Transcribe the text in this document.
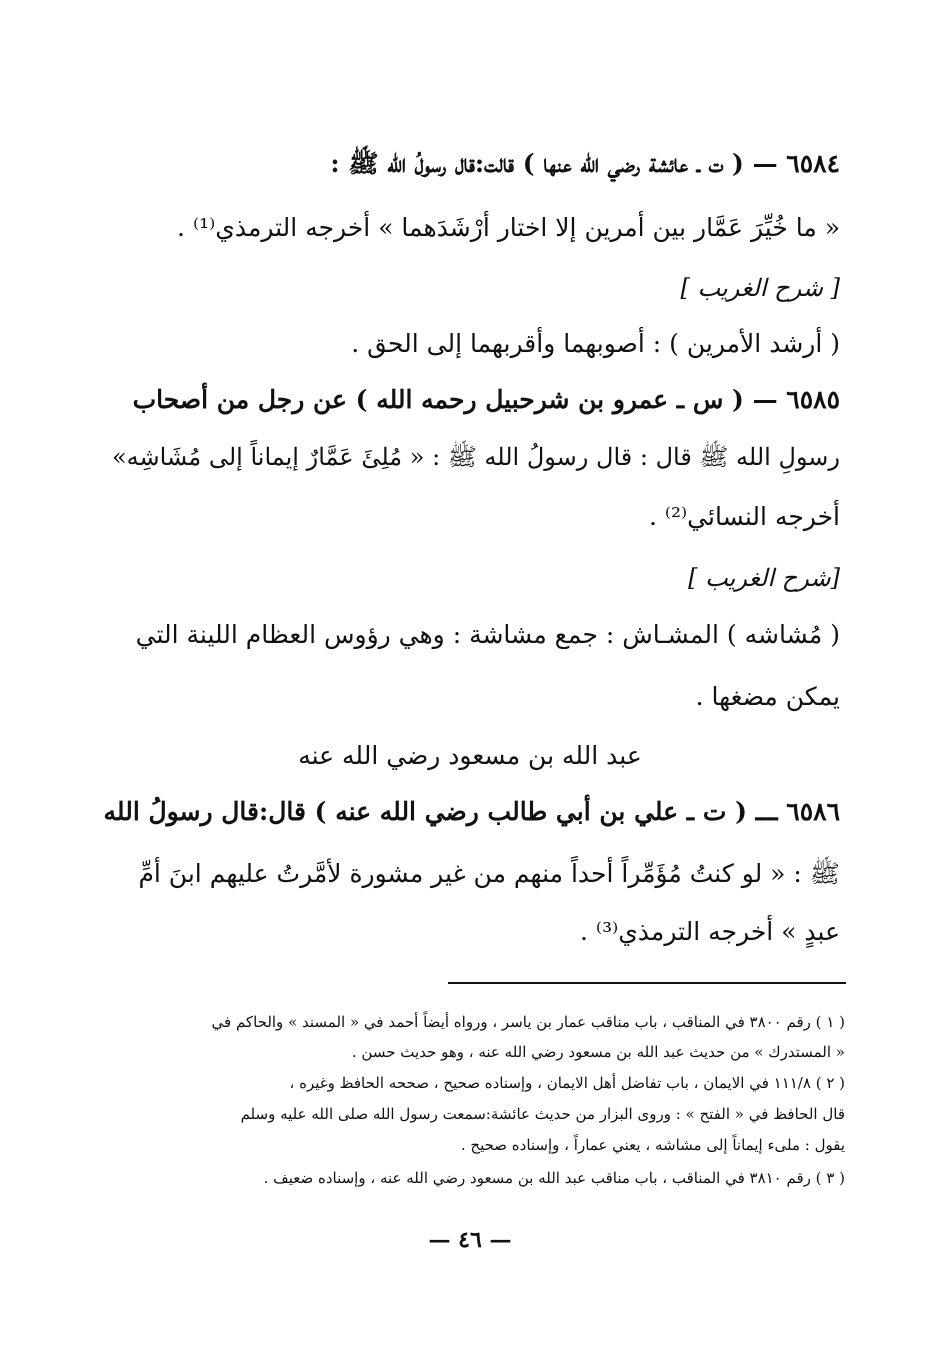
٦٥٨٤ — ( ت ـ عائشة رضي الله عنها ) قالت:قال رسولُ الله ﷺ :
« ما خُيِّرَ عَمَّار بين أمرين إلا اختار أرْشَدَهما » أخرجه الترمذي⁽¹⁾ .
[ شرح الغريب ]
( أرشد الأمرين ) : أصوبهما وأقربهما إلى الحق .
٦٥٨٥ — ( س ـ عمرو بن شرحبيل رحمه الله ) عن رجل من أصحاب
رسولِ الله ﷺ قال : قال رسولُ الله ﷺ : « مُلِئَ عَمَّارٌ إيماناً إلى مُشَاشِه»
أخرجه النسائي⁽²⁾ .
[شرح الغريب ]
( مُشاشه ) المشـاش : جمع مشاشة : وهي رؤوس العظام اللينة التي
يمكن مضغها .
عبد الله بن مسعود رضي الله عنه
٦٥٨٦ ـــ ( ت ـ علي بن أبي طالب رضي الله عنه ) قال:قال رسولُ الله
ﷺ : « لو كنتُ مُؤَمِّراً أحداً منهم من غير مشورة لأمَّرتُ عليهم ابنَ أمِّ
عبدٍ » أخرجه الترمذي⁽³⁾ .
( ١ ) رقم ٣٨٠٠ في المناقب ، باب مناقب عمار بن ياسر ، ورواه أيضاً أحمد في « المسند » والحاكم في
« المستدرك » من حديث عبد الله بن مسعود رضي الله عنه ، وهو حديث حسن .
( ٢ ) ١١١/٨ في الايمان ، باب تفاضل أهل الايمان ، وإسناده صحيح ، صححه الحافظ وغيره ،
قال الحافظ في « الفتح » : وروى البزار من حديث عائشة:سمعت رسول الله صلى الله عليه وسلم
يقول : ملىء إيماناً إلى مشاشه ، يعني عماراً ، وإسناده صحيح .
( ٣ ) رقم ٣٨١٠ في المناقب ، باب مناقب عبد الله بن مسعود رضي الله عنه ، وإسناده ضعيف .
— ٤٦ —
